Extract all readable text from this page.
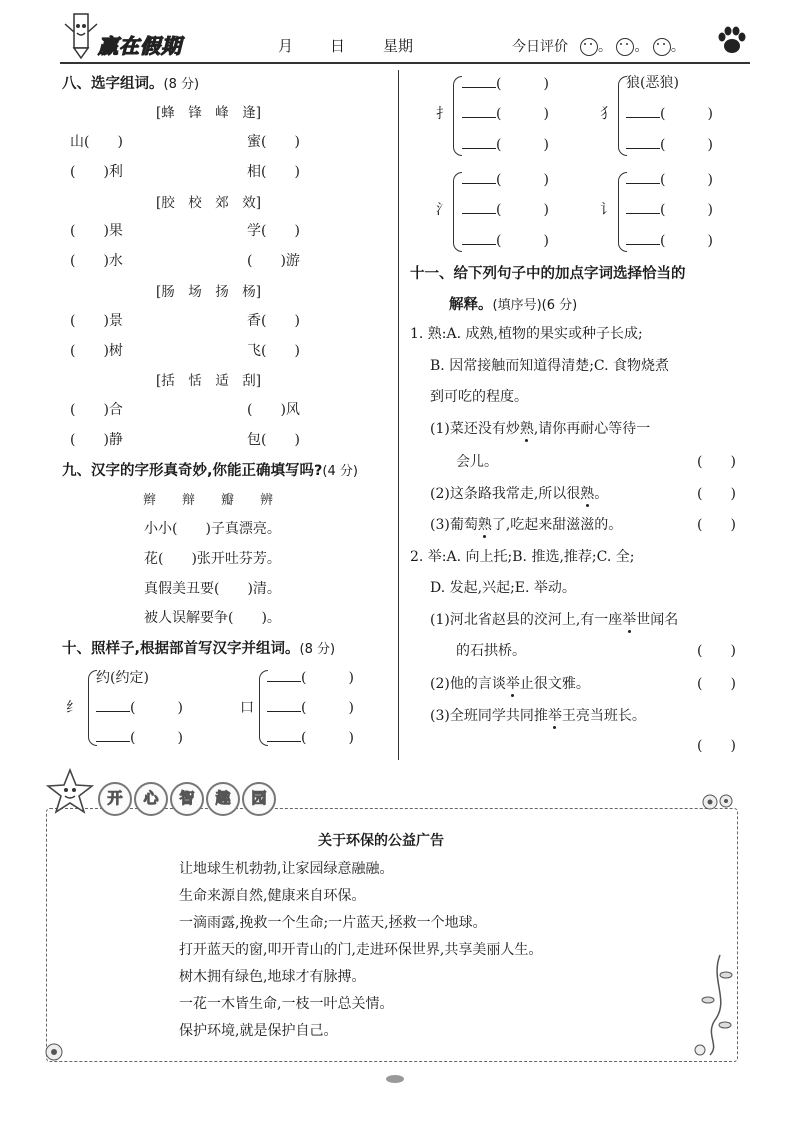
赢在假期	月 日	星期	今日评价	。 。 。
八、选字组词。(8 分)
[蜂　锋　峰　逢]
山(　　)	蜜(　　)
(　　)利	相(　　)
[胶　校　郊　效]
(　　)果	学(　　)
(　　)水	(　　)游
[肠　场　扬　杨]
(　　)景	香(　　)
(　　)树	飞(　　)
[括　恬　适　刮]
(　　)合	(　　)风
(　　)静	包(　　)
九、汉字的字形真奇妙,你能正确填写吗?(4 分)
辫　　辩　　瓣　　辨
小小(　　)子真漂亮。
花(　　)张开吐芬芳。
真假美丑要(　　)清。
被人误解要争(　　)。
十、照样子,根据部首写汉字并组词。(8 分)
纟
约(约定)
(　　　)
(　　　)
口
(　　　)
(　　　)
(　　　)
扌
(　　　)
(　　　)
(　　　)
犭
狼(恶狼)
(　　　)
(　　　)
氵
(　　　)
(　　　)
(　　　)
讠
(　　　)
(　　　)
(　　　)
十一、给下列句子中的加点字词选择恰当的
解释。(填序号)(6 分)
1. 熟:A. 成熟,植物的果实或种子长成;
B. 因常接触而知道得清楚;C. 食物烧煮
到可吃的程度。
(1)菜还没有炒熟,请你再耐心等待一
会儿。	(　　)
(2)这条路我常走,所以很熟。	(　　)
(3)葡萄熟了,吃起来甜滋滋的。	(　　)
2. 举:A. 向上托;B. 推选,推荐;C. 全;
D. 发起,兴起;E. 举动。
(1)河北省赵县的洨河上,有一座举世闻名
的石拱桥。	(　　)
(2)他的言谈举止很文雅。	(　　)
(3)全班同学共同推举王亮当班长。
(　　)
开 心 智 趣 园
关于环保的公益广告
让地球生机勃勃,让家园绿意融融。
生命来源自然,健康来自环保。
一滴雨露,挽救一个生命;一片蓝天,拯救一个地球。
打开蓝天的窗,叩开青山的门,走进环保世界,共享美丽人生。
树木拥有绿色,地球才有脉搏。
一花一木皆生命,一枝一叶总关情。
保护环境,就是保护自己。
